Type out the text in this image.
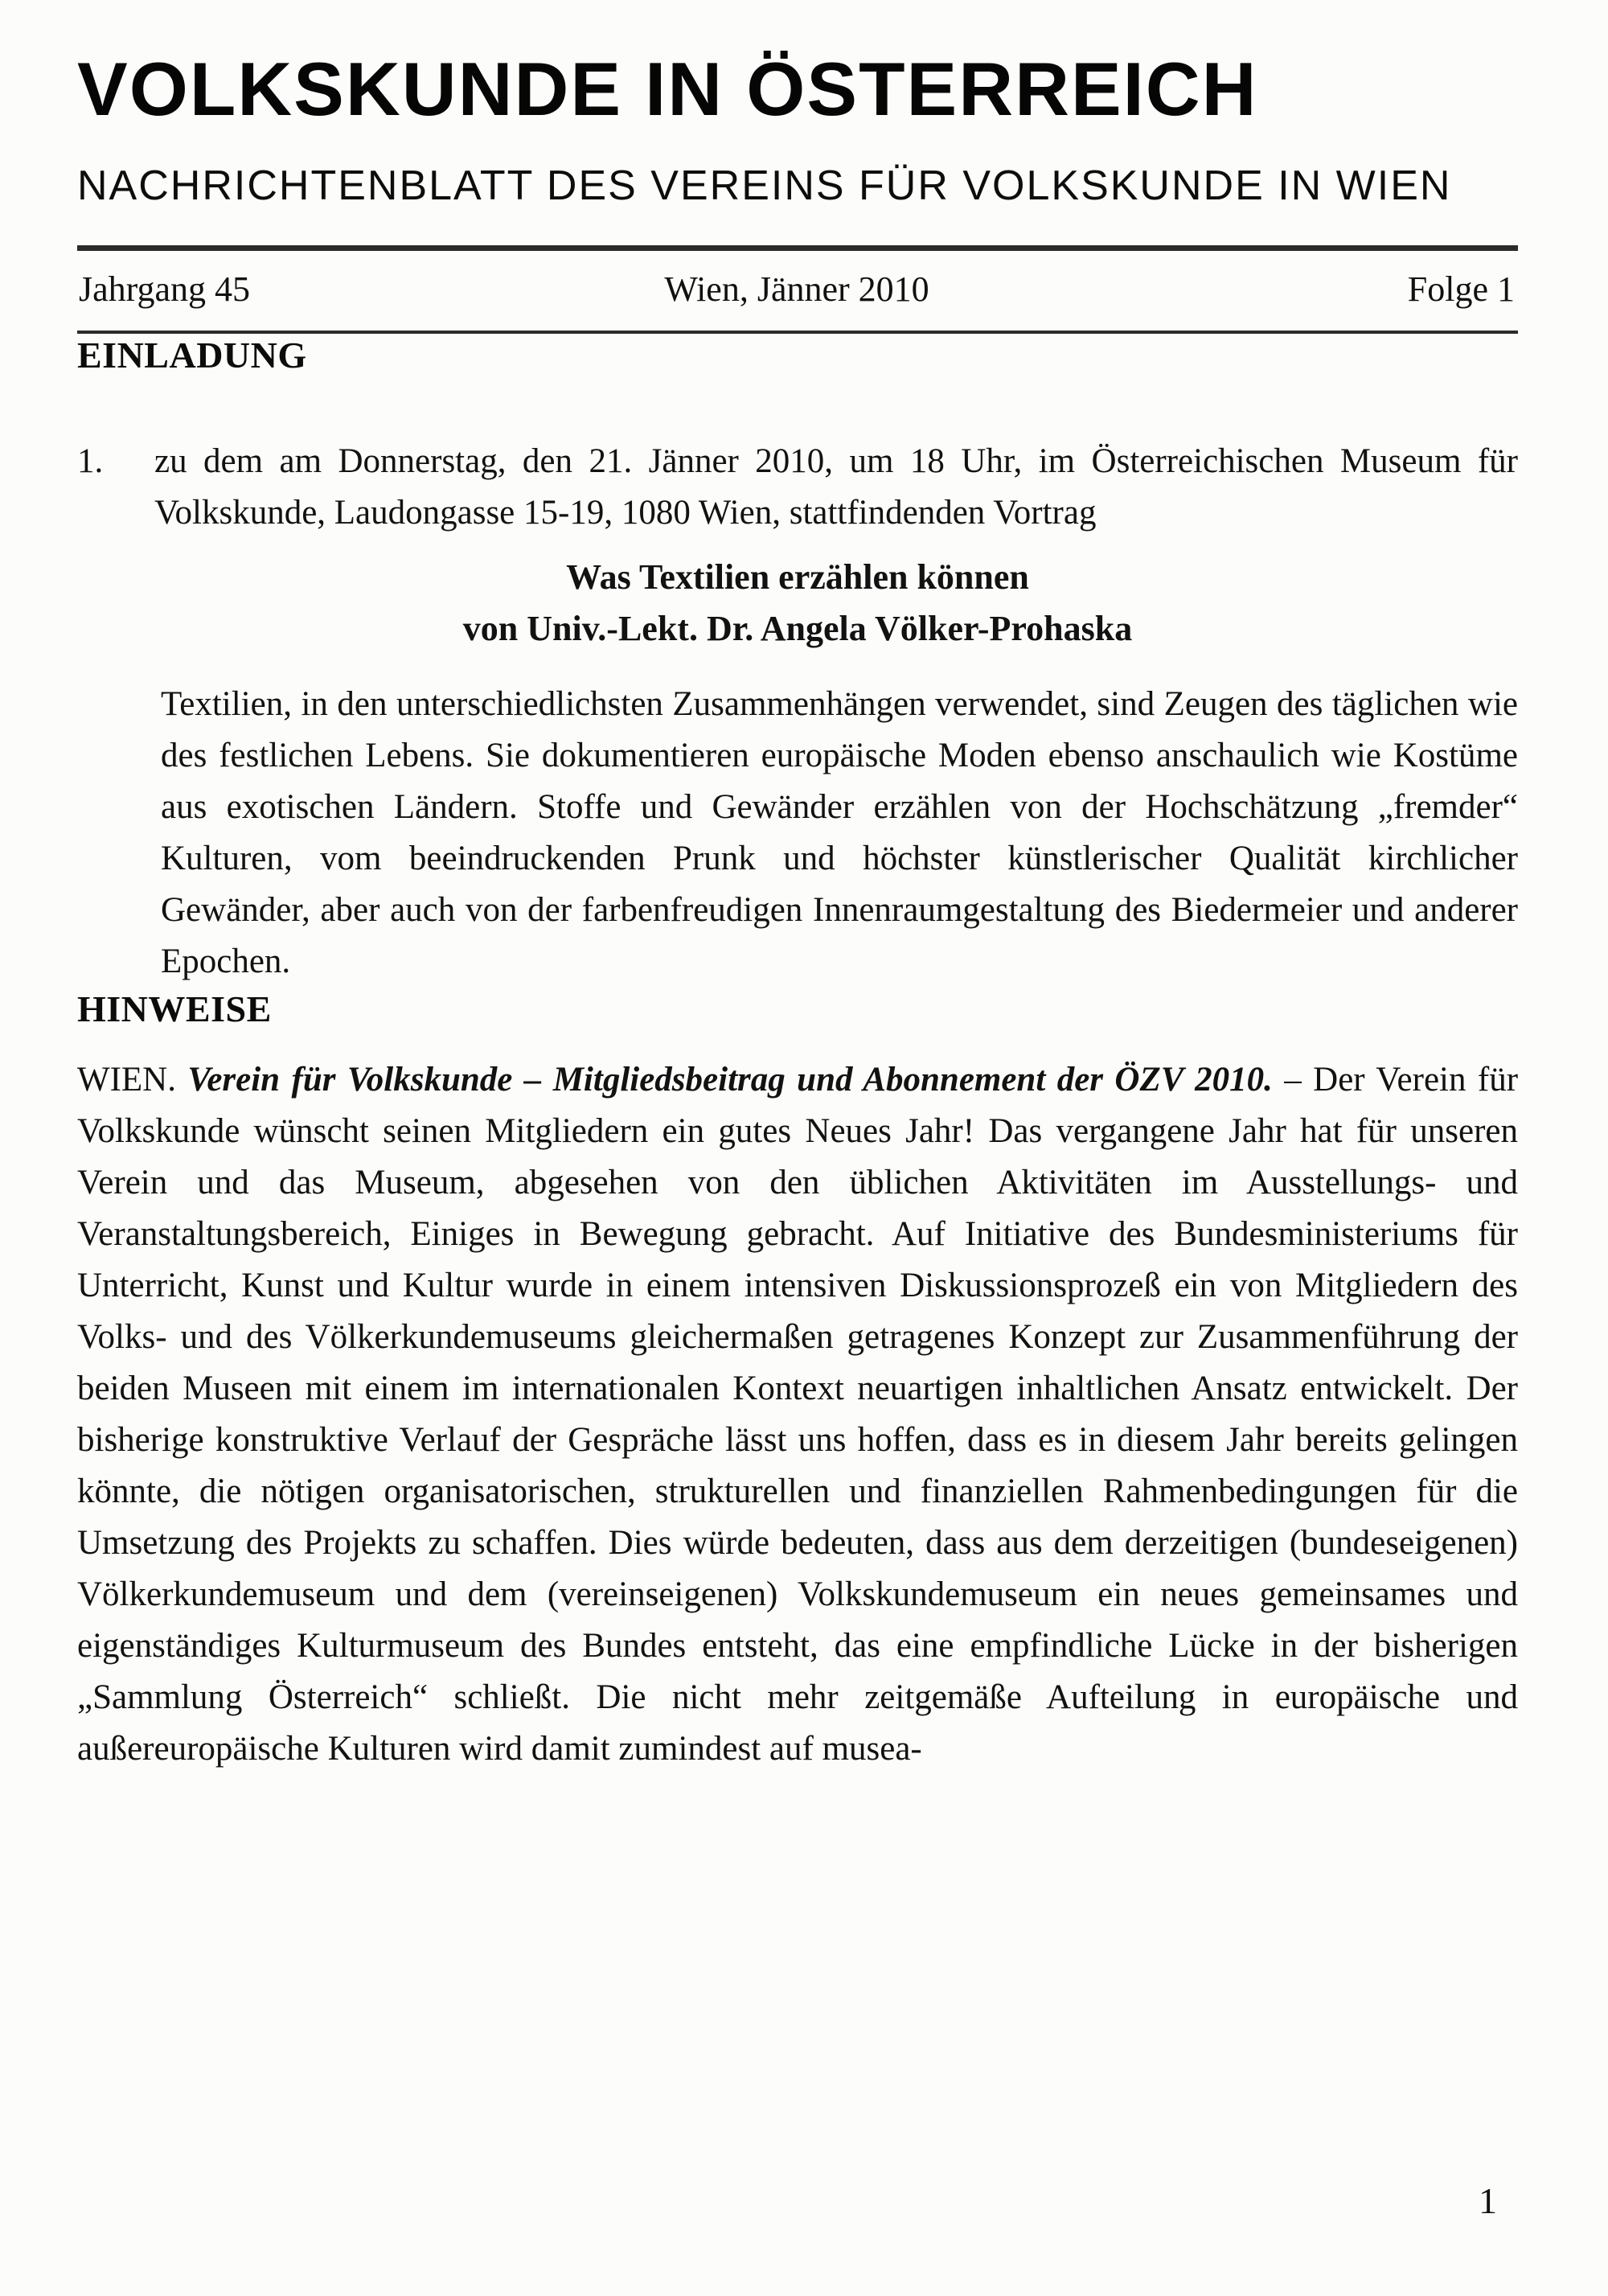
VOLKSKUNDE IN ÖSTERREICH
NACHRICHTENBLATT DES VEREINS FÜR VOLKSKUNDE IN WIEN
Jahrgang 45	Wien, Jänner 2010	Folge 1
EINLADUNG
1.	zu dem am Donnerstag, den 21. Jänner 2010, um 18 Uhr, im Österreichischen Museum für Volkskunde, Laudongasse 15-19, 1080 Wien, stattfindenden Vortrag

Was Textilien erzählen können

von Univ.-Lekt. Dr. Angela Völker-Prohaska

Textilien, in den unterschiedlichsten Zusammenhängen verwendet, sind Zeugen des täglichen wie des festlichen Lebens. Sie dokumentieren europäische Moden ebenso anschaulich wie Kostüme aus exotischen Ländern. Stoffe und Gewänder erzählen von der Hochschätzung „fremder“ Kulturen, vom beeindruckenden Prunk und höchster künstlerischer Qualität kirchlicher Gewänder, aber auch von der farbenfreudigen Innenraumgestaltung des Biedermeier und anderer Epochen.

HINWEISE

WIEN. Verein für Volkskunde – Mitgliedsbeitrag und Abonnement der ÖZV 2010. – Der Verein für Volkskunde wünscht seinen Mitgliedern ein gutes Neues Jahr! Das vergangene Jahr hat für unseren Verein und das Museum, abgesehen von den üblichen Aktivitäten im Ausstellungs- und Veranstaltungsbereich, Einiges in Bewegung gebracht. Auf Initiative des Bundesministeriums für Unterricht, Kunst und Kultur wurde in einem intensiven Diskussionsprozeß ein von Mitgliedern des Volks- und des Völkerkundemuseums gleichermaßen getragenes Konzept zur Zusammenführung der beiden Museen mit einem im internationalen Kontext neuartigen inhaltlichen Ansatz entwickelt. Der bisherige konstruktive Verlauf der Gespräche lässt uns hoffen, dass es in diesem Jahr bereits gelingen könnte, die nötigen organisatorischen, strukturellen und finanziellen Rahmenbedingungen für die Umsetzung des Projekts zu schaffen. Dies würde bedeuten, dass aus dem derzeitigen (bundeseigenen) Völkerkundemuseum und dem (vereinseigenen) Volkskundemuseum ein neues gemeinsames und eigenständiges Kulturmuseum des Bundes entsteht, das eine empfindliche Lücke in der bisherigen „Sammlung Österreich“ schließt. Die nicht mehr zeitgemäße Aufteilung in europäische und außereuropäische Kulturen wird damit zumindest auf musea-

1
